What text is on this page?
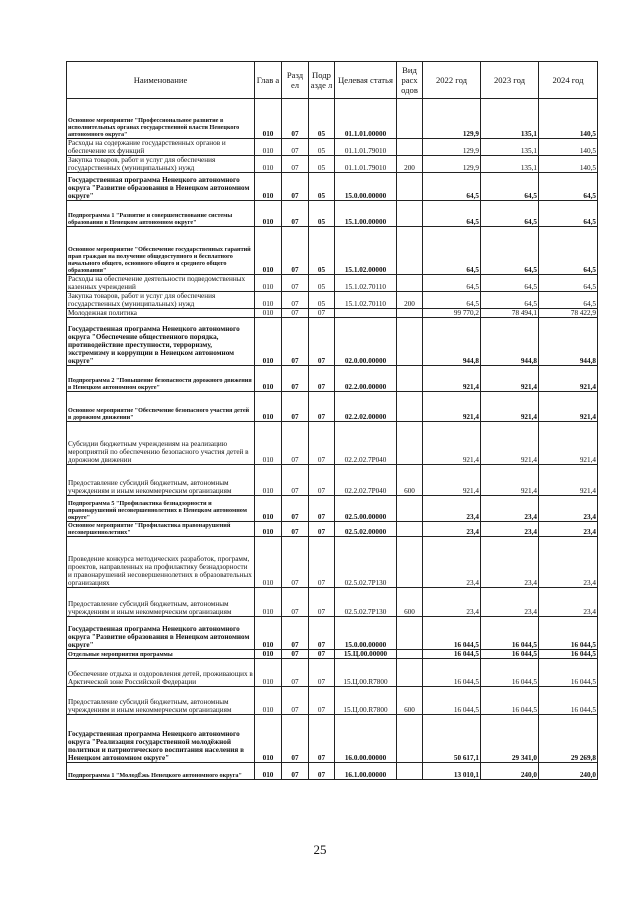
Наименование	Глав а	Разд ел	Подр азде л	Целевая статья	Вид расх одов	2022 год	2023 год	2024 год
Основное мероприятие "Профессиональное развитие в исполнительных органах государственной власти Ненецкого автономного округа"	010	07	05	01.1.01.00000		129,9	135,1	140,5
Расходы на содержание государственных органов и обеспечение их функций	010	07	05	01.1.01.79010		129,9	135,1	140,5
Закупка товаров, работ и услуг для обеспечения государственных (муниципальных) нужд	010	07	05	01.1.01.79010	200	129,9	135,1	140,5
Государственная программа Ненецкого автономного округа "Развитие образования в Ненецком автономном округе"	010	07	05	15.0.00.00000		64,5	64,5	64,5
Подпрограмма 1 "Развитие и совершенствование системы образования в Ненецком автономном округе"	010	07	05	15.1.00.00000		64,5	64,5	64,5
Основное мероприятие "Обеспечение государственных гарантий прав граждан на получение общедоступного и бесплатного начального общего, основного общего и среднего общего образования"	010	07	05	15.1.02.00000		64,5	64,5	64,5
Расходы на обеспечение деятельности подведомственных казенных учреждений	010	07	05	15.1.02.70110		64,5	64,5	64,5
Закупка товаров, работ и услуг для обеспечения государственных (муниципальных) нужд	010	07	05	15.1.02.70110	200	64,5	64,5	64,5
Молодежная политика	010	07	07			99 770,2	78 494,1	78 422,9
Государственная программа Ненецкого автономного округа "Обеспечение общественного порядка, противодействие преступности, терроризму, экстремизму и коррупции в Ненецком автономном округе"	010	07	07	02.0.00.00000		944,8	944,8	944,8
Подпрограмма 2 "Повышение безопасности дорожного движения в Ненецком автономном округе"	010	07	07	02.2.00.00000		921,4	921,4	921,4
Основное мероприятие "Обеспечение безопасного участия детей в дорожном движении"	010	07	07	02.2.02.00000		921,4	921,4	921,4
Субсидии бюджетным учреждениям на реализацию мероприятий по обеспечению безопасного участия детей в дорожном движении	010	07	07	02.2.02.7Р040		921,4	921,4	921,4
Предоставление субсидий бюджетным, автономным учреждениям и иным некоммерческим организациям	010	07	07	02.2.02.7Р040	600	921,4	921,4	921,4
Подпрограмма 5 "Профилактика безнадзорности и правонарушений несовершеннолетних в Ненецком автономном округе"	010	07	07	02.5.00.00000		23,4	23,4	23,4
Основное мероприятие "Профилактика правонарушений несовершеннолетних"	010	07	07	02.5.02.00000		23,4	23,4	23,4
Проведение конкурса методических разработок, программ, проектов, направленных на профилактику безнадзорности и правонарушений несовершеннолетних в образовательных организациях	010	07	07	02.5.02.7Р130		23,4	23,4	23,4
Предоставление субсидий бюджетным, автономным учреждениям и иным некоммерческим организациям	010	07	07	02.5.02.7Р130	600	23,4	23,4	23,4
Государственная программа Ненецкого автономного округа "Развитие образования в Ненецком автономном округе"	010	07	07	15.0.00.00000		16 044,5	16 044,5	16 044,5
Отдельные мероприятия программы	010	07	07	15.Ц.00.00000		16 044,5	16 044,5	16 044,5
Обеспечение отдыха и оздоровления детей, проживающих в Арктической зоне Российской Федерации	010	07	07	15.Ц.00.R7800		16 044,5	16 044,5	16 044,5
Предоставление субсидий бюджетным, автономным учреждениям и иным некоммерческим организациям	010	07	07	15.Ц.00.R7800	600	16 044,5	16 044,5	16 044,5
Государственная программа Ненецкого автономного округа "Реализация государственной молодёжной политики и патриотического воспитания населения в Ненецком автономном округе"	010	07	07	16.0.00.00000		50 617,1	29 341,0	29 269,8
Подпрограмма 1 "МолодЁжь Ненецкого автономного округа"	010	07	07	16.1.00.00000		13 010,1	240,0	240,0
25
